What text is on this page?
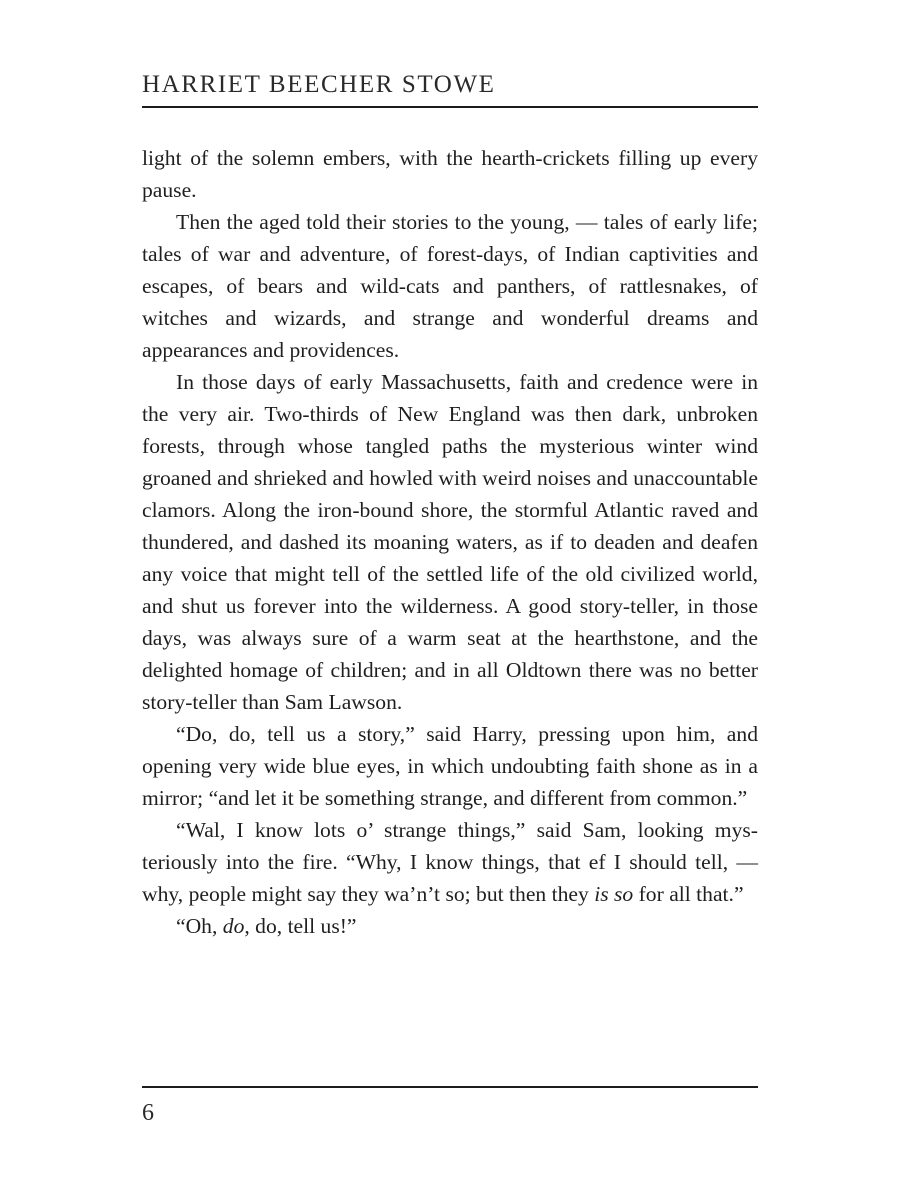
HARRIET BEECHER STOWE

light of the solemn embers, with the hearth-crickets filling up every pause.

Then the aged told their stories to the young, — tales of early life; tales of war and adventure, of forest-days, of Indian captivities and escapes, of bears and wild-cats and panthers, of rattlesnakes, of witches and wizards, and strange and wonderful dreams and appearances and providences.

In those days of early Massachusetts, faith and credence were in the very air. Two-thirds of New England was then dark, unbroken forests, through whose tangled paths the mysterious winter wind groaned and shrieked and howled with weird noises and unaccountable clamors. Along the iron-bound shore, the stormful Atlantic raved and thundered, and dashed its moaning waters, as if to deaden and deafen any voice that might tell of the settled life of the old civilized world, and shut us forever into the wilderness. A good story-teller, in those days, was always sure of a warm seat at the hearthstone, and the delighted homage of children; and in all Oldtown there was no better story-teller than Sam Lawson.

“Do, do, tell us a story,” said Harry, pressing upon him, and opening very wide blue eyes, in which undoubting faith shone as in a mirror; “and let it be something strange, and different from common.”

“Wal, I know lots o’ strange things,” said Sam, looking mysteriously into the fire. “Why, I know things, that ef I should tell, — why, people might say they wa’n’t so; but then they is so for all that.”

“Oh, do, do, tell us!”

6
